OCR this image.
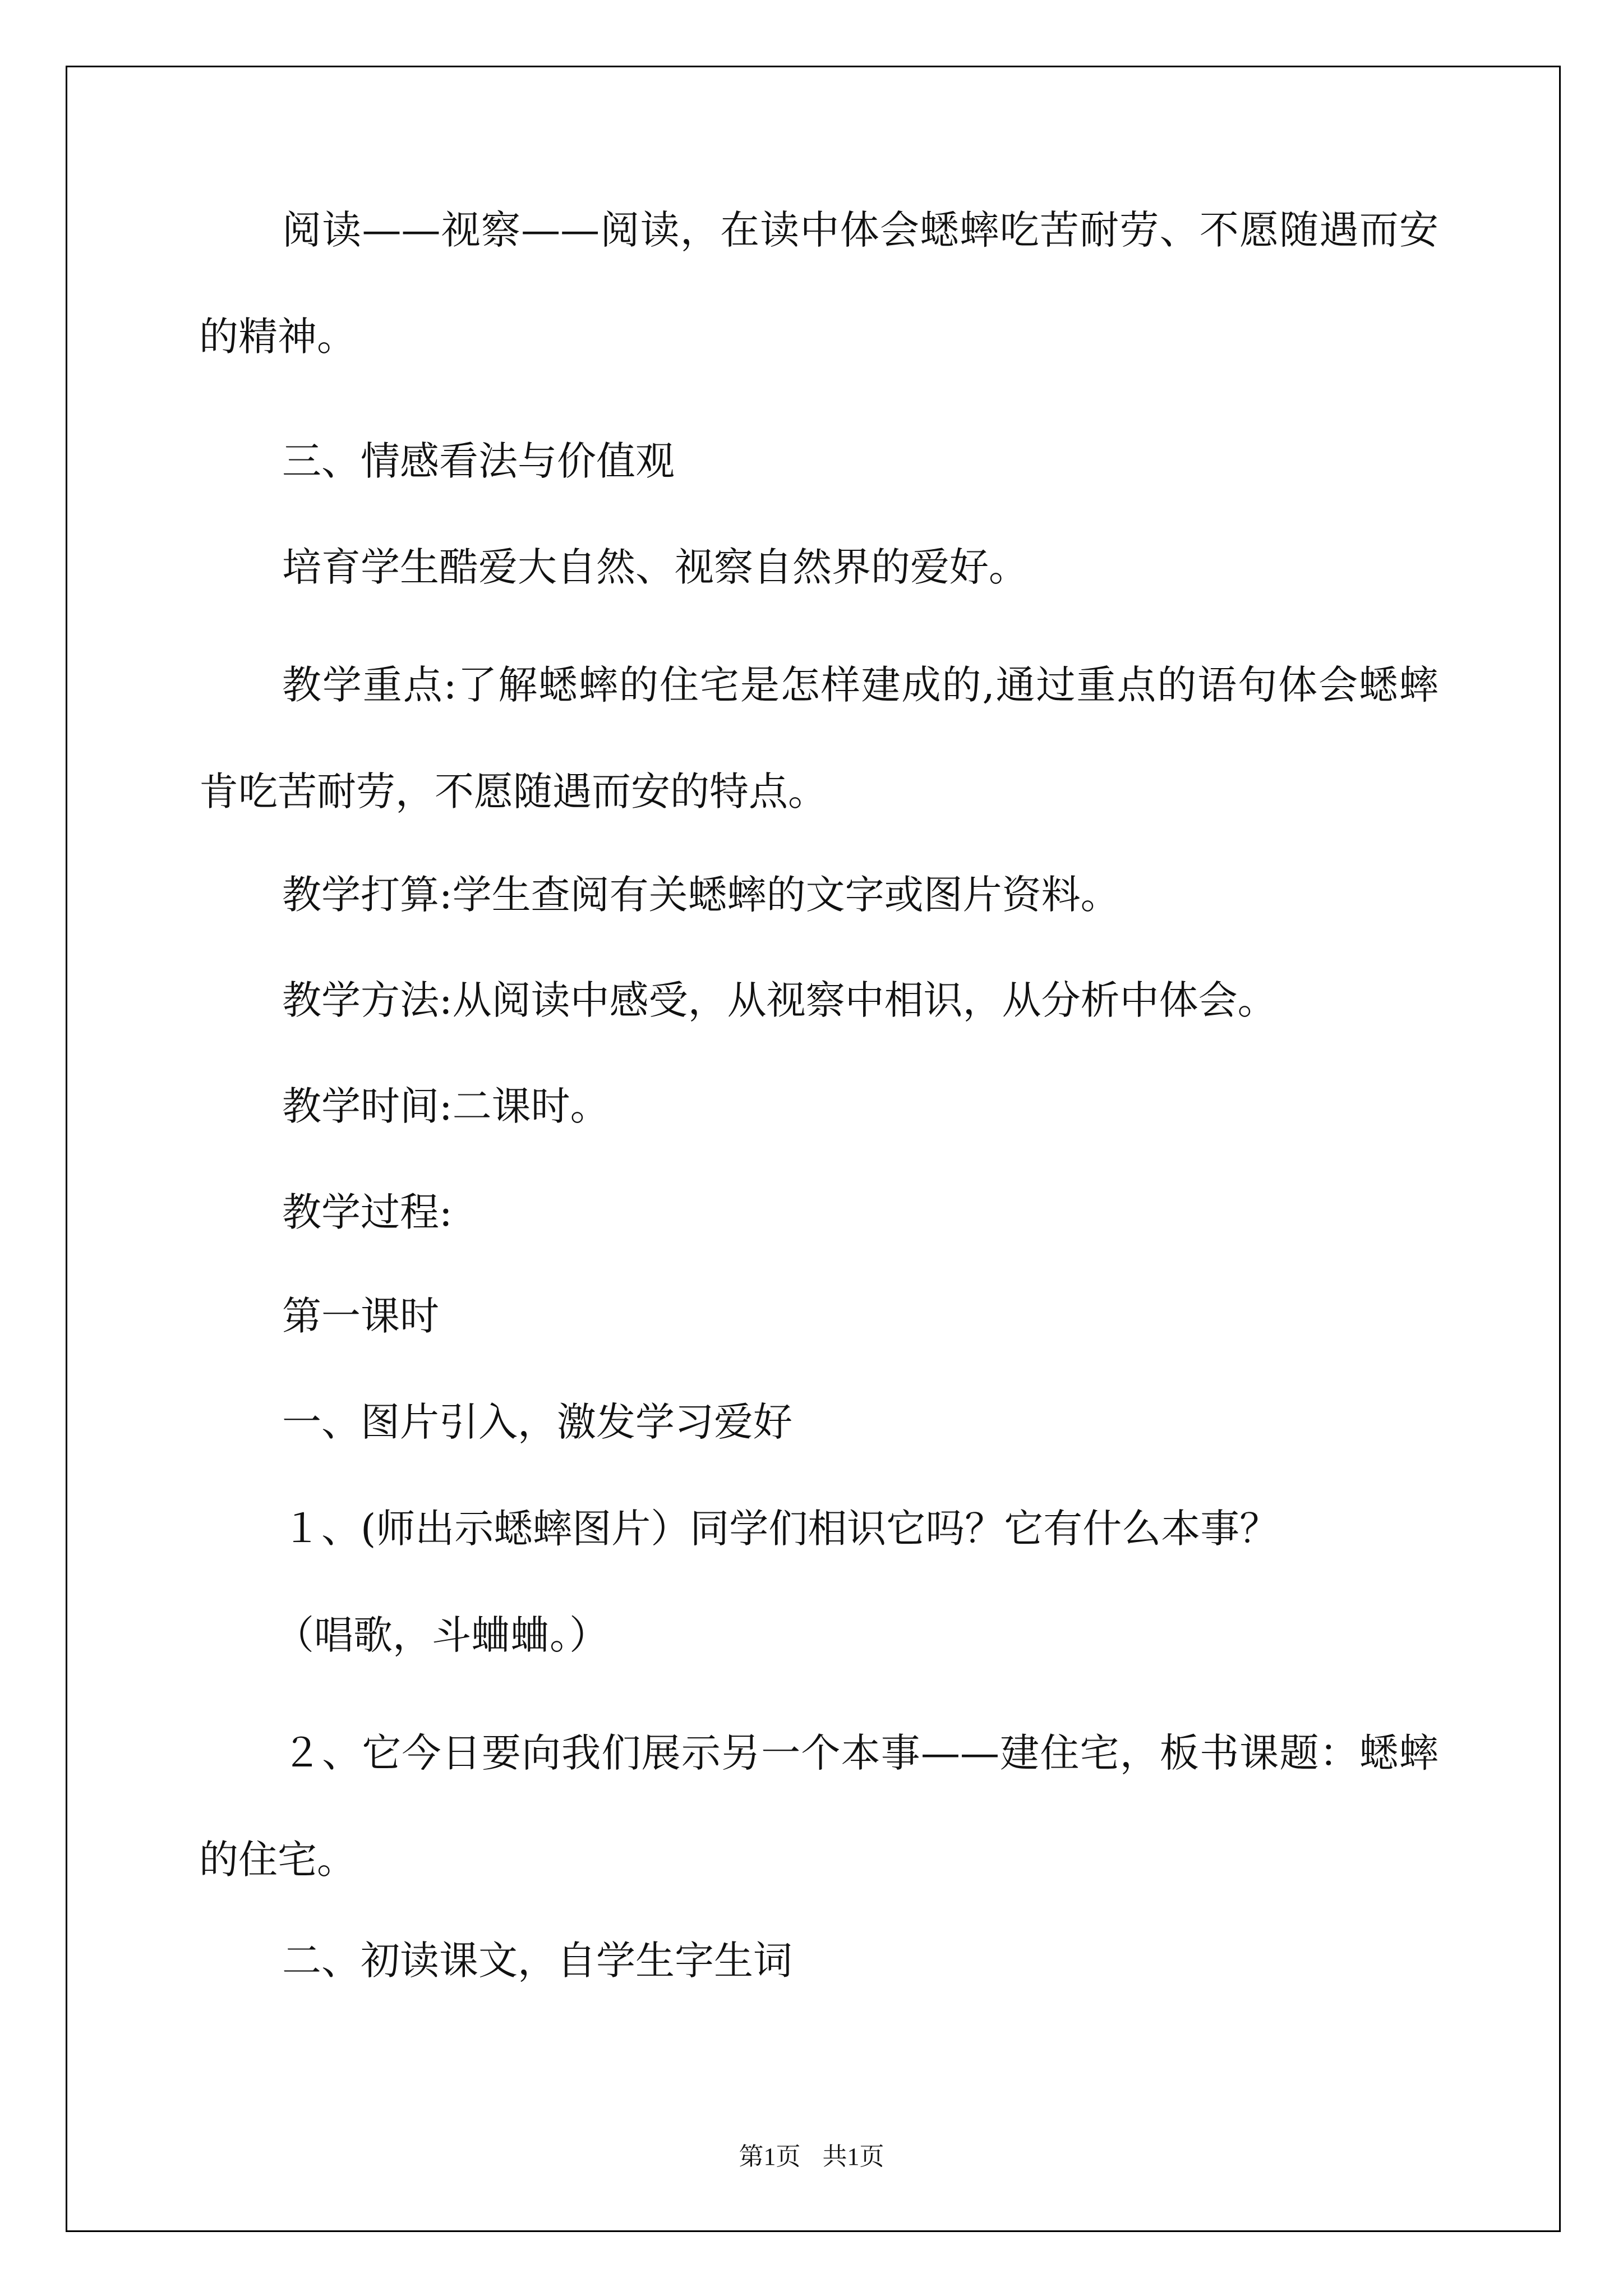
阅读——视察——阅读，在读中体会蟋蟀吃苦耐劳、不愿随遇而安的精神。

三、情感看法与价值观

培育学生酷爱大自然、视察自然界的爱好。

教学重点:了解蟋蟀的住宅是怎样建成的,通过重点的语句体会蟋蟀肯吃苦耐劳，不愿随遇而安的特点。

教学打算:学生查阅有关蟋蟀的文字或图片资料。

教学方法:从阅读中感受，从视察中相识，从分析中体会。

教学时间:二课时。

教学过程:

第一课时

一、图片引入，激发学习爱好

１、(师出示蟋蟀图片）同学们相识它吗？它有什么本事？

（唱歌，斗蛐蛐。）

２、它今日要向我们展示另一个本事——建住宅，板书课题：蟋蟀的住宅。

二、初读课文，自学生字生词

第1页 共1页
